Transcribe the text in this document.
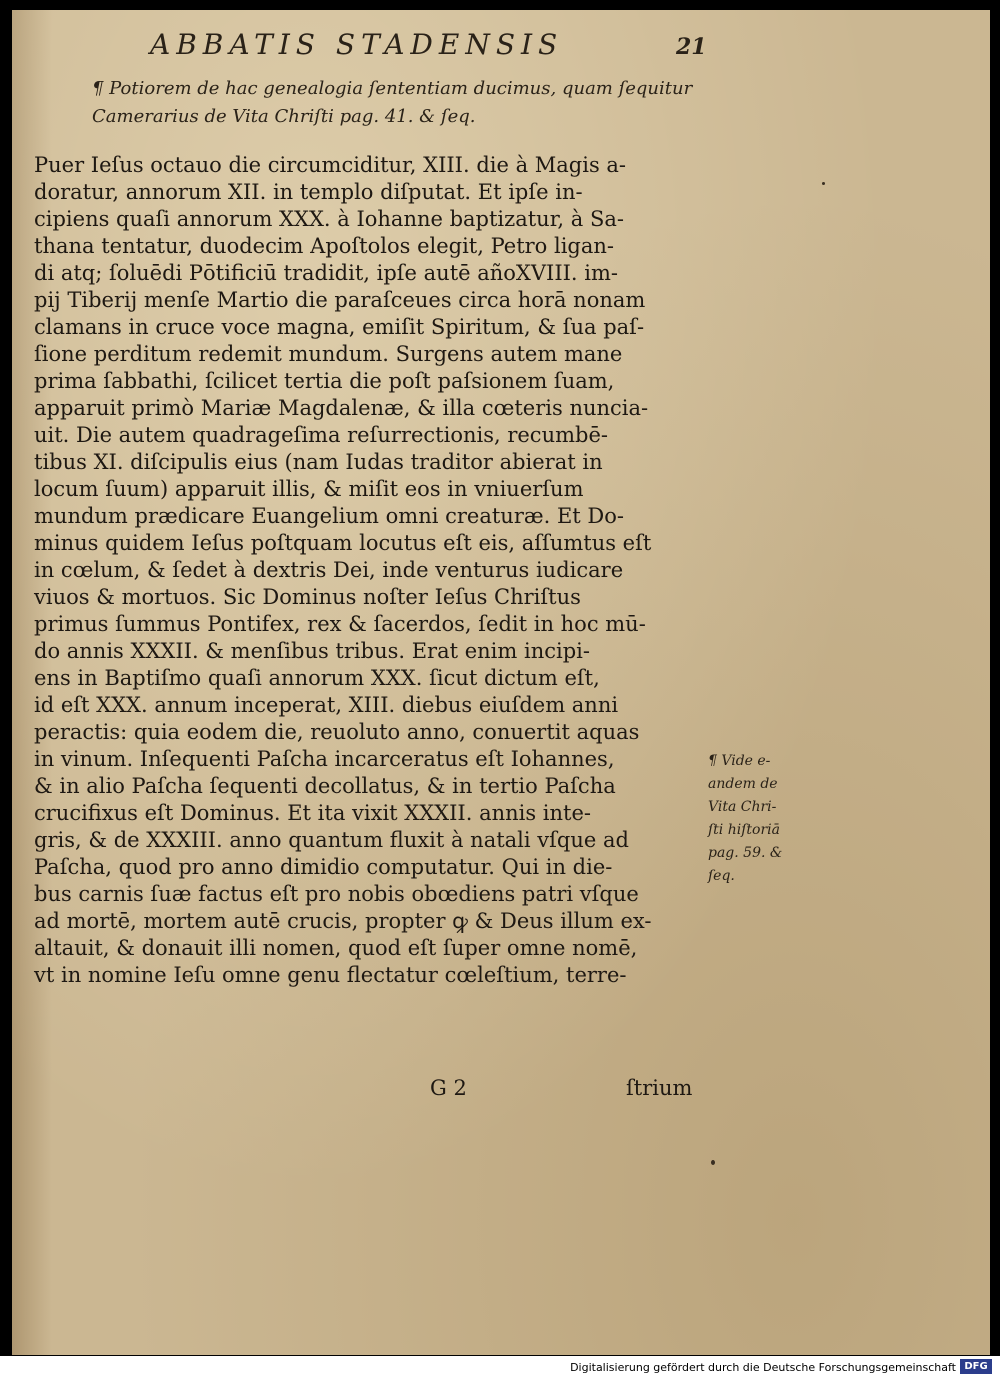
ABBATIS STADENSIS	21
¶ Potiorem de hac genealogia ſententiam ducimus, quam ſequitur
Camerarius de Vita Chriſti pag. 41. & ſeq.
Puer Ieſus octauo die circumciditur, XIII. die à Magis a-
doratur, annorum XII. in templo diſputat. Et ipſe in-
cipiens quaſi annorum XXX. à Iohanne baptizatur, à Sa-
thana tentatur, duodecim Apoſtolos elegit, Petro ligan-
di atq; ſoluēdi Pōtificiū tradidit, ipſe autē añoXVIII. im-
pij Tiberij menſe Martio die paraſceues circa horā nonam
clamans in cruce voce magna, emiſit Spiritum, & ſua paſ-
ſione perditum redemit mundum. Surgens autem mane
prima ſabbathi, ſcilicet tertia die poſt paſsionem ſuam,
apparuit primò Mariæ Magdalenæ, & illa cœteris nuncia-
uit. Die autem quadrageſima reſurrectionis, recumbē-
tibus XI. diſcipulis eius (nam Iudas traditor abierat in
locum ſuum) apparuit illis, & miſit eos in vniuerſum
mundum prædicare Euangelium omni creaturæ. Et Do-
minus quidem Ieſus poſtquam locutus eſt eis, aſſumtus eſt
in cœlum, & ſedet à dextris Dei, inde venturus iudicare
viuos & mortuos. Sic Dominus noſter Ieſus Chriſtus
primus ſummus Pontifex, rex & ſacerdos, ſedit in hoc mū-
do annis XXXII. & menſibus tribus. Erat enim incipi-
ens in Baptiſmo quaſi annorum XXX. ſicut dictum eſt,
id eſt XXX. annum inceperat, XIII. diebus eiuſdem anni
peractis: quia eodem die, reuoluto anno, conuertit aquas
in vinum. Inſequenti Paſcha incarceratus eſt Iohannes,
& in alio Paſcha ſequenti decollatus, & in tertio Paſcha
crucifixus eſt Dominus. Et ita vixit XXXII. annis inte-
gris, & de XXXIII. anno quantum fluxit à natali vſque ad
Paſcha, quod pro anno dimidio computatur. Qui in die-
bus carnis ſuæ factus eſt pro nobis obœdiens patri vſque
ad mortē, mortem autē crucis, propter ꝙ & Deus illum ex-
altauit, & donauit illi nomen, quod eſt ſuper omne nomē,
vt in nomine Ieſu omne genu flectatur cœleſtium, terre-
¶ Vide e-
andem de
Vita Chri-
ſti hiſtoriā
pag. 59. &
ſeq.
G 2	ſtrium
Digitalisierung gefördert durch die Deutsche Forschungsgemeinschaft DFG
